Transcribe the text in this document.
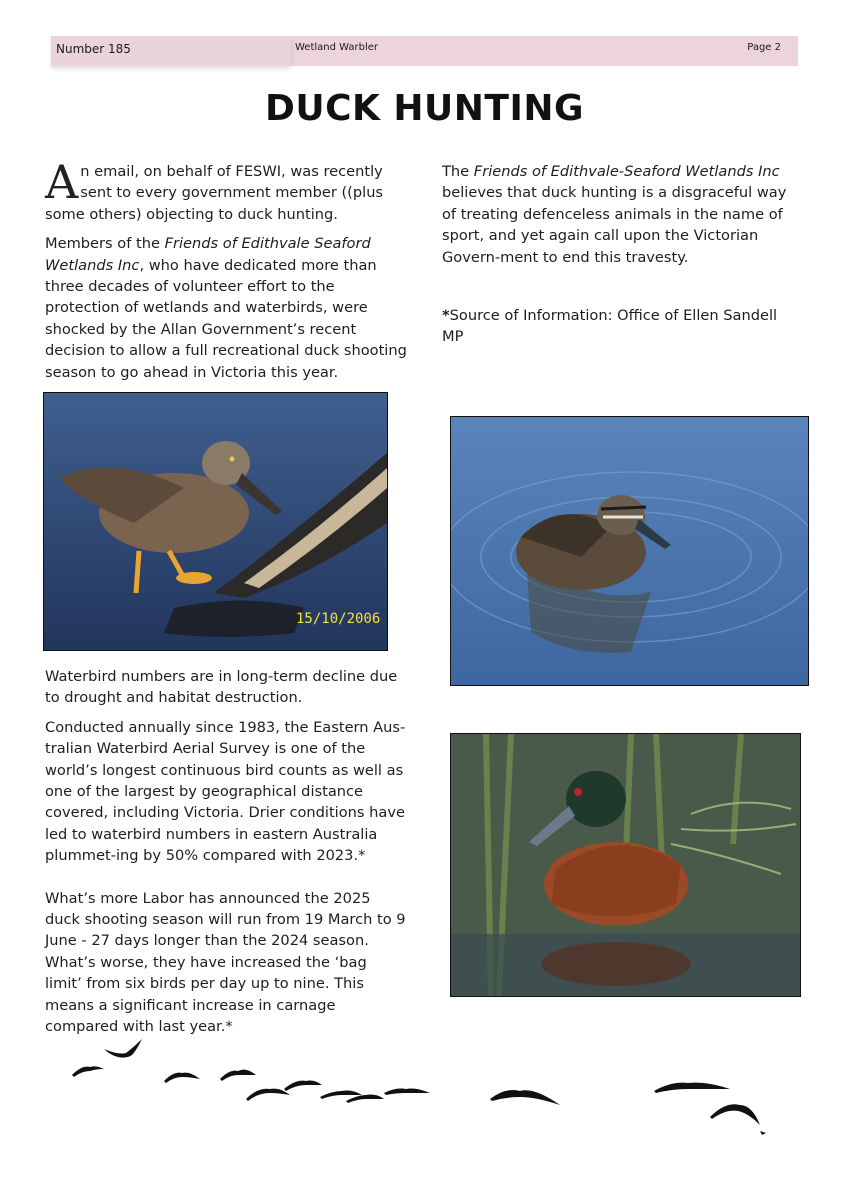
Number 185	Wetland Warbler	Page 2
DUCK HUNTING

An email, on behalf of FESWI, was recently sent to every government member ((plus some others) objecting to duck hunting.

Members of the Friends of Edithvale Seaford Wetlands Inc, who have dedicated more than three decades of volunteer effort to the protection of wetlands and waterbirds, were shocked by the Allan Government’s recent decision to allow a full recreational duck shooting season to go ahead in Victoria this year.

The Friends of Edithvale-Seaford Wetlands Inc believes that duck hunting is a disgraceful way of treating defenceless animals in the name of sport, and yet again call upon the Victorian Govern-ment to end this travesty.

*Source of Information: Office of Ellen Sandell MP

15/10/2006

Waterbird numbers are in long-term decline due to drought and habitat destruction.

Conducted annually since 1983, the Eastern Aus-tralian Waterbird Aerial Survey is one of the world’s longest continuous bird counts as well as one of the largest by geographical distance covered, including Victoria. Drier conditions have led to waterbird numbers in eastern Australia plummet-ing by 50% compared with 2023.*

What’s more Labor has announced the 2025 duck shooting season will run from 19 March to 9 June - 27 days longer than the 2024 season. What’s worse, they have increased the ‘bag limit’ from six birds per day up to nine. This means a significant increase in carnage compared with last year.*
